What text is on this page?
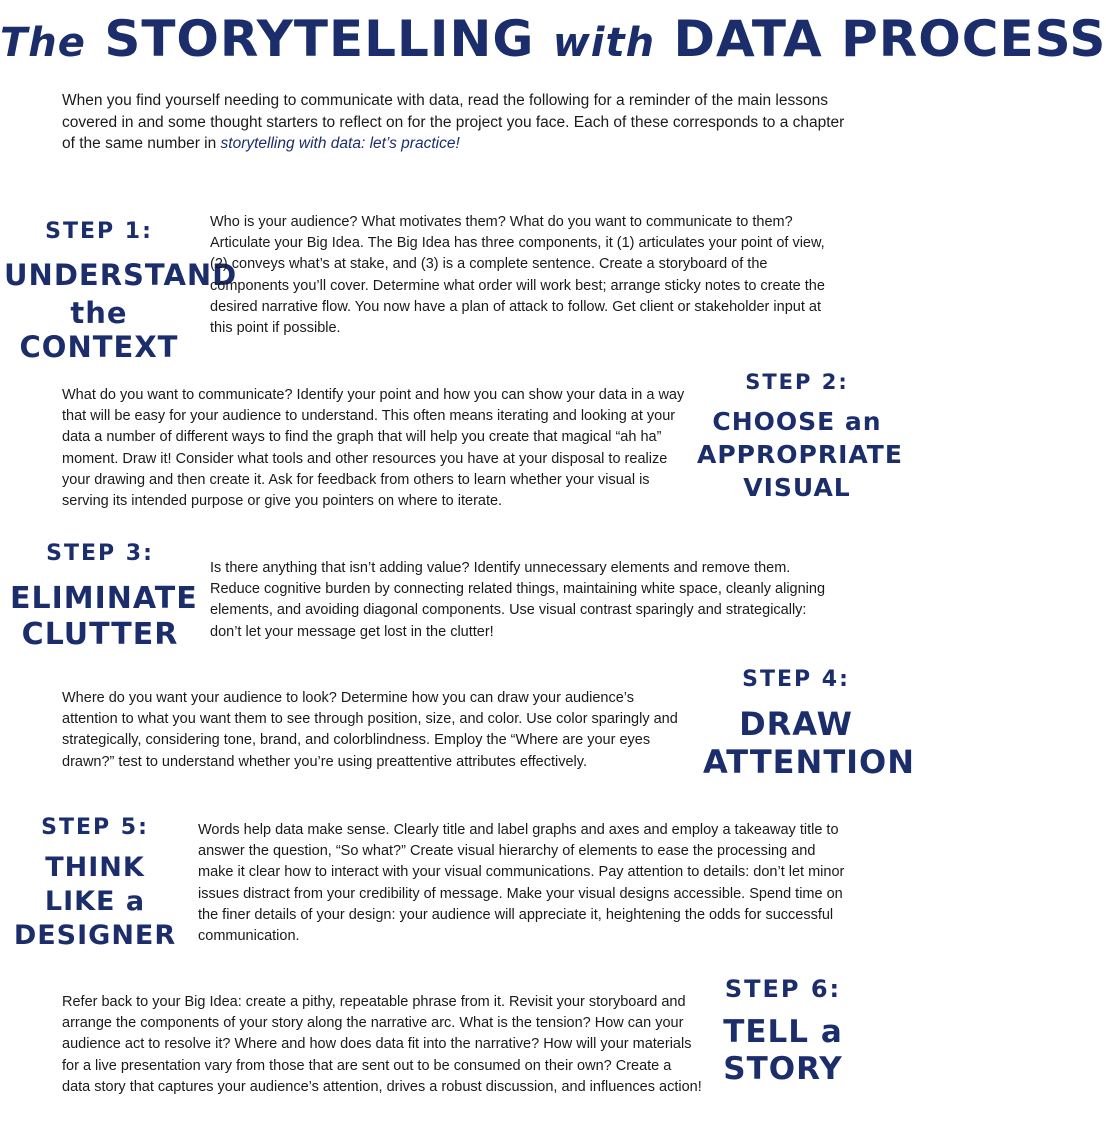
The STORYTELLING with DATA PROCESS

When you find yourself needing to communicate with data, read the following for a reminder of the main lessons covered in and some thought starters to reflect on for the project you face. Each of these corresponds to a chapter of the same number in storytelling with data: let’s practice!

STEP 1:
UNDERSTAND
the CONTEXT

Who is your audience? What motivates them? What do you want to communicate to them? Articulate your Big Idea. The Big Idea has three components, it (1) articulates your point of view, (2) conveys what’s at stake, and (3) is a complete sentence. Create a storyboard of the components you’ll cover. Determine what order will work best; arrange sticky notes to create the desired narrative flow. You now have a plan of attack to follow. Get client or stakeholder input at this point if possible.

What do you want to communicate? Identify your point and how you can show your data in a way that will be easy for your audience to understand. This often means iterating and looking at your data a number of different ways to find the graph that will help you create that magical “ah ha” moment. Draw it! Consider what tools and other resources you have at your disposal to realize your drawing and then create it. Ask for feedback from others to learn whether your visual is serving its intended purpose or give you pointers on where to iterate.

STEP 2:
CHOOSE an
APPROPRIATE
VISUAL
STEP 3:
ELIMINATE
CLUTTER

Is there anything that isn’t adding value? Identify unnecessary elements and remove them. Reduce cognitive burden by connecting related things, maintaining white space, cleanly aligning elements, and avoiding diagonal components. Use visual contrast sparingly and strategically: don’t let your message get lost in the clutter!

Where do you want your audience to look? Determine how you can draw your audience’s attention to what you want them to see through position, size, and color. Use color sparingly and strategically, considering tone, brand, and colorblindness. Employ the “Where are your eyes drawn?” test to understand whether you’re using preattentive attributes effectively.

STEP 4:
DRAW
ATTENTION
STEP 5:
THINK
LIKE a
DESIGNER

Words help data make sense. Clearly title and label graphs and axes and employ a takeaway title to answer the question, “So what?” Create visual hierarchy of elements to ease the processing and make it clear how to interact with your visual communications. Pay attention to details: don’t let minor issues distract from your credibility of message. Make your visual designs accessible. Spend time on the finer details of your design: your audience will appreciate it, heightening the odds for successful communication.

Refer back to your Big Idea: create a pithy, repeatable phrase from it. Revisit your storyboard and arrange the components of your story along the narrative arc. What is the tension? How can your audience act to resolve it? Where and how does data fit into the narrative? How will your materials for a live presentation vary from those that are sent out to be consumed on their own? Create a data story that captures your audience’s attention, drives a robust discussion, and influences action!

STEP 6:
TELL a
STORY
